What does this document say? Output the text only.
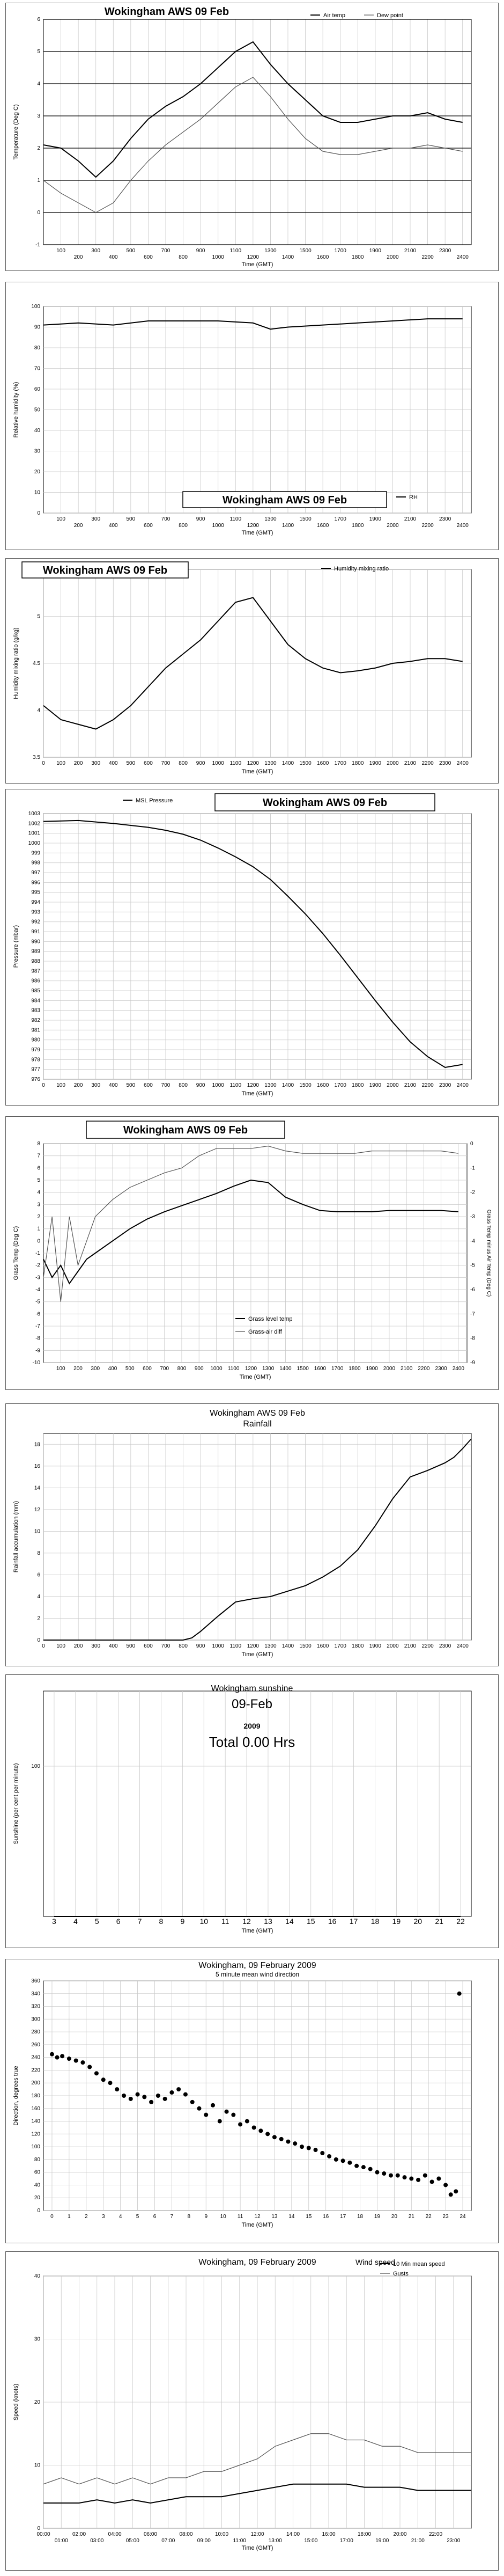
100
200
300
400
500
600
700
800
900
1000
1100
1200
1300
1400
1500
1600
1700
1800
1900
2000
2100
2200
2300
2400
-1
0
1
2
3
4
5
6
Time (GMT)
Temperature (Deg C)
Wokingham AWS 09 Feb	Air temp	Dew point
100
200
300
400
500
600
700
800
900
1000
1100
1200
1300
1400
1500
1600
1700
1800
1900
2000
2100
2200
2300
2400
0
10
20
30
40
50
60
70
80
90
100
Time (GMT)
Relative humidity (%)
Wokingham AWS 09 Feb	RH
0 100 200 300 400 500 600 700 800 900 1000 1100 1200 1300 1400 1500 1600 1700 1800 1900 2000 2100 2200 2300 2400
3.5
4
4.5
5
Time (GMT)
Humidity mixing ratio (g/kg)
Wokingham AWS 09 Feb	Humidity mixing ratio
0 100 200 300 400 500 600 700 800 900 1000 1100 1200 1300 1400 1500 1600 1700 1800 1900 2000 2100 2200 2300 2400
976
977
978
979
980
981
982
983
984
985
986
987
988
989
990
991
992
993
994
995
996
997
998
999
1000
1001
1002
1003
Time (GMT)
Pressure (mbar)
Wokingham AWS 09 Feb
MSL Pressure
100 200 300 400 500 600 700 800 900 1000 1100 1200 1300 1400 1500 1600 1700 1800 1900 2000 2100 2200 2300 2400
-10
-9
-8
-7
-6
-5
-4
-3
-2
-1
0
1
2
3
4
5
6
7
8
-9
-8
-7
-6
-5
-4
-3
-2
-1
0
Grass Temp minus Air Temp (Deg C)
Time (GMT)
Grass Temp (Deg C)
Wokingham AWS 09 Feb
Grass level temp
Grass-air diff
0 100 200 300 400 500 600 700 800 900 1000 1100 1200 1300 1400 1500 1600 1700 1800 1900 2000 2100 2200 2300 2400
0
2
4
6
8
10
12
14
16
18
Time (GMT)
Rainfall accumulation (mm)
Wokingham AWS 09 Feb
Rainfall
3 4 5 6 7 8 9 10 11 12 13 14 15 16 17 18 19 20 21 22
100
Time (GMT)
Sunshine (per cent per minute)
Wokingham sunshine
09-Feb
2009
Total 0.00 Hrs
0	1	2	3	4	5	6	7	8	9 10 11 12 13 14 15 16 17 18 19 20 21 22 23 24
0
20
40
60
80
100
120
140
160
180
200
220
240
260
280
300
320
340
360
Time (GMT)
Direction, degrees true
Wokingham, 09 February 2009
5 minute mean wind direction
00:00
01:00
02:00
03:00
04:00
05:00
06:00
07:00
08:00
09:00
10:00
11:00
12:00
13:00
14:00
15:00
16:00
17:00
18:00
19:00
20:00
21:00
22:00
23:00
0
10
20
30
40
Time (GMT)
Speed (knots)
Wokingham, 09 February 2009	Wind speed
10 Min mean speed
Gusts
